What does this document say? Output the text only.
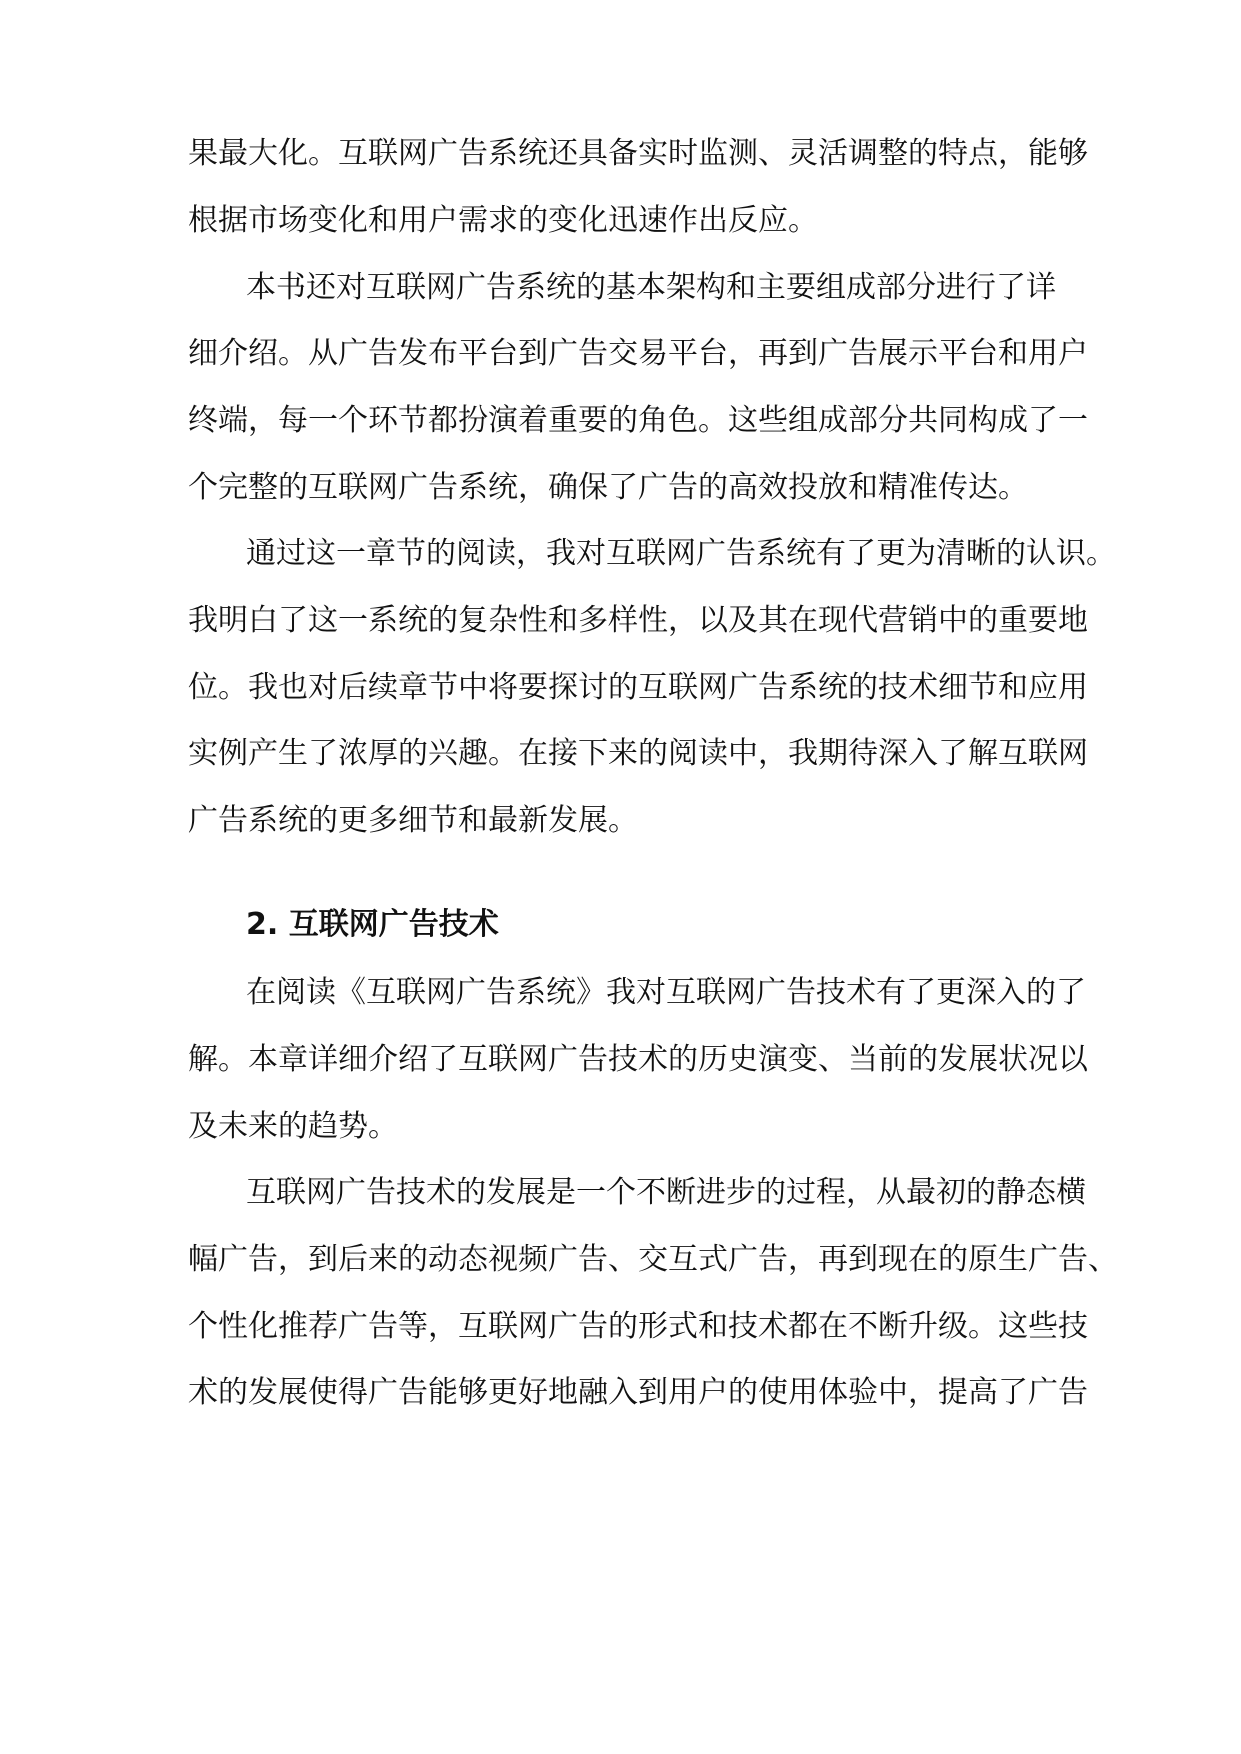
果最大化。互联网广告系统还具备实时监测、灵活调整的特点，能够
根据市场变化和用户需求的变化迅速作出反应。
本书还对互联网广告系统的基本架构和主要组成部分进行了详
细介绍。从广告发布平台到广告交易平台，再到广告展示平台和用户
终端，每一个环节都扮演着重要的角色。这些组成部分共同构成了一
个完整的互联网广告系统，确保了广告的高效投放和精准传达。
通过这一章节的阅读，我对互联网广告系统有了更为清晰的认识。
我明白了这一系统的复杂性和多样性，以及其在现代营销中的重要地
位。我也对后续章节中将要探讨的互联网广告系统的技术细节和应用
实例产生了浓厚的兴趣。在接下来的阅读中，我期待深入了解互联网
广告系统的更多细节和最新发展。
2. 互联网广告技术
在阅读《互联网广告系统》我对互联网广告技术有了更深入的了
解。本章详细介绍了互联网广告技术的历史演变、当前的发展状况以
及未来的趋势。
互联网广告技术的发展是一个不断进步的过程，从最初的静态横
幅广告，到后来的动态视频广告、交互式广告，再到现在的原生广告、
个性化推荐广告等，互联网广告的形式和技术都在不断升级。这些技
术的发展使得广告能够更好地融入到用户的使用体验中，提高了广告
